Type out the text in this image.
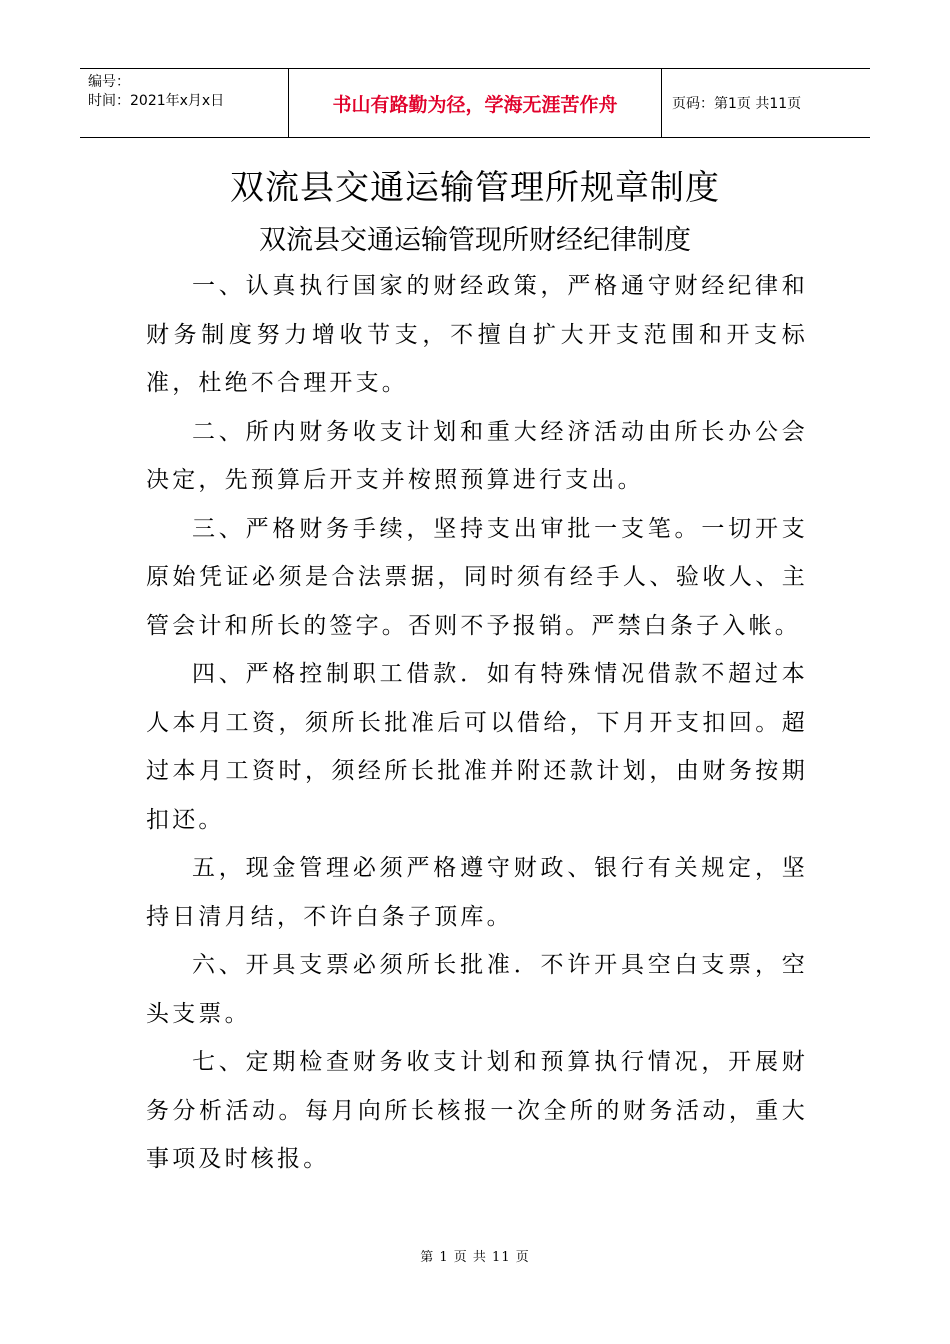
编号：
时间：2021年x月x日	书山有路勤为径，学海无涯苦作舟	页码：第1页 共11页
双流县交通运输管理所规章制度
双流县交通运输管现所财经纪律制度

一、认真执行国家的财经政策，严格通守财经纪律和财务制度努力增收节支，不擅自扩大开支范围和开支标准，杜绝不合理开支。

二、所内财务收支计划和重大经济活动由所长办公会决定，先预算后开支并桉照预算进行支出。

三、严格财务手续，坚持支出审批一支笔。一切开支原始凭证必须是合法票据，同时须有经手人、验收人、主管会计和所长的签字。否则不予报销。严禁白条子入帐。

四、严格控制职工借款．如有特殊情况借款不超过本人本月工资，须所长批准后可以借给，下月开支扣回。超过本月工资时，须经所长批准并附还款计划，由财务按期扣还。

五，现金管理必须严格遵守财政、银行有关规定，坚持日清月结，不许白条子顶库。

六、开具支票必须所长批准．不许开具空白支票，空头支票。

七、定期检查财务收支计划和预算执行情况，开展财务分析活动。每月向所长核报一次全所的财务活动，重大事项及时核报。

第 1 页 共 11 页
